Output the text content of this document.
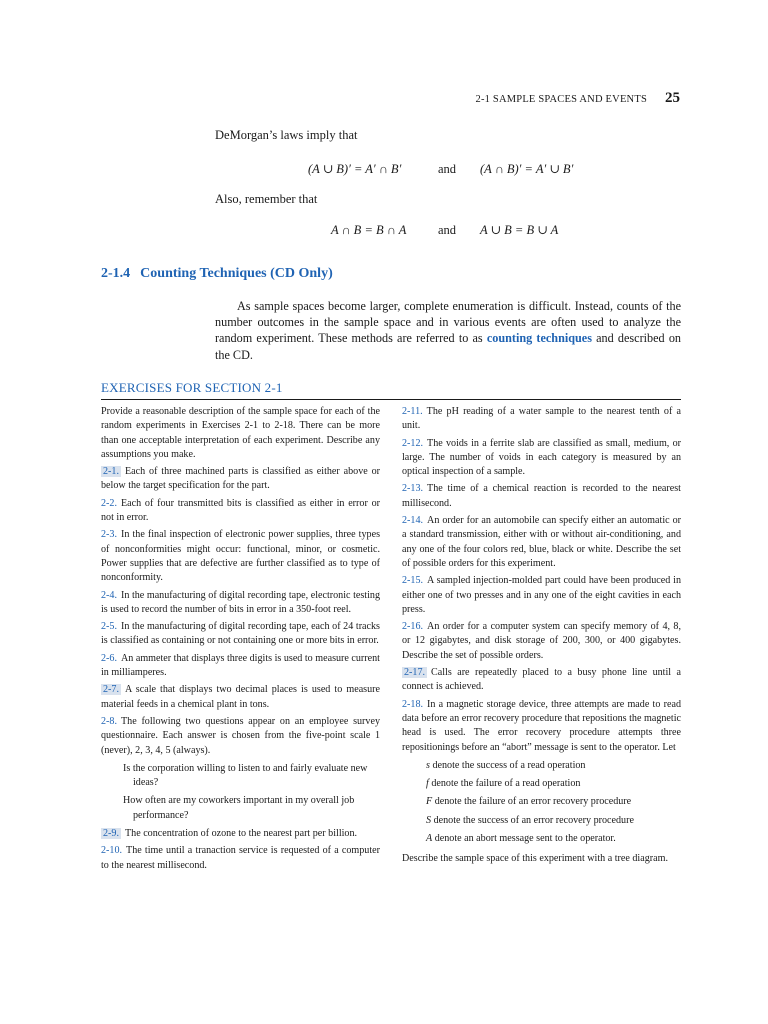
2-1 SAMPLE SPACES AND EVENTS 25
DeMorgan’s laws imply that
(A ∪ B)′ = A′ ∩ B′	and	(A ∩ B)′ = A′ ∪ B′
Also, remember that
A ∩ B = B ∩ A	and	A ∪ B = B ∪ A
2-1.4 Counting Techniques (CD Only)

As sample spaces become larger, complete enumeration is difficult. Instead, counts of the number outcomes in the sample space and in various events are often used to analyze the random experiment. These methods are referred to as counting techniques and described on the CD.

EXERCISES FOR SECTION 2-1

Provide a reasonable description of the sample space for each of the random experiments in Exercises 2-1 to 2-18. There can be more than one acceptable interpretation of each experiment. Describe any assumptions you make.

2-1. Each of three machined parts is classified as either above or below the target specification for the part.

2-2. Each of four transmitted bits is classified as either in error or not in error.

2-3. In the final inspection of electronic power supplies, three types of nonconformities might occur: functional, minor, or cosmetic. Power supplies that are defective are further classified as to type of nonconformity.

2-4. In the manufacturing of digital recording tape, electronic testing is used to record the number of bits in error in a 350-foot reel.

2-5. In the manufacturing of digital recording tape, each of 24 tracks is classified as containing or not containing one or more bits in error.

2-6. An ammeter that displays three digits is used to measure current in milliamperes.

2-7. A scale that displays two decimal places is used to measure material feeds in a chemical plant in tons.

2-8. The following two questions appear on an employee survey questionnaire. Each answer is chosen from the five-point scale 1 (never), 2, 3, 4, 5 (always).

Is the corporation willing to listen to and fairly evaluate new ideas?

How often are my coworkers important in my overall job performance?

2-9. The concentration of ozone to the nearest part per billion.

2-10. The time until a tranaction service is requested of a computer to the nearest millisecond.

2-11. The pH reading of a water sample to the nearest tenth of a unit.

2-12. The voids in a ferrite slab are classified as small, medium, or large. The number of voids in each category is measured by an optical inspection of a sample.

2-13. The time of a chemical reaction is recorded to the nearest millisecond.

2-14. An order for an automobile can specify either an automatic or a standard transmission, either with or without air-conditioning, and any one of the four colors red, blue, black or white. Describe the set of possible orders for this experiment.

2-15. A sampled injection-molded part could have been produced in either one of two presses and in any one of the eight cavities in each press.

2-16. An order for a computer system can specify memory of 4, 8, or 12 gigabytes, and disk storage of 200, 300, or 400 gigabytes. Describe the set of possible orders.

2-17. Calls are repeatedly placed to a busy phone line until a connect is achieved.

2-18. In a magnetic storage device, three attempts are made to read data before an error recovery procedure that repositions the magnetic head is used. The error recovery procedure attempts three repositionings before an “abort” message is sent to the operator. Let

s denote the success of a read operation

f denote the failure of a read operation

F denote the failure of an error recovery procedure

S denote the success of an error recovery procedure

A denote an abort message sent to the operator.

Describe the sample space of this experiment with a tree diagram.
